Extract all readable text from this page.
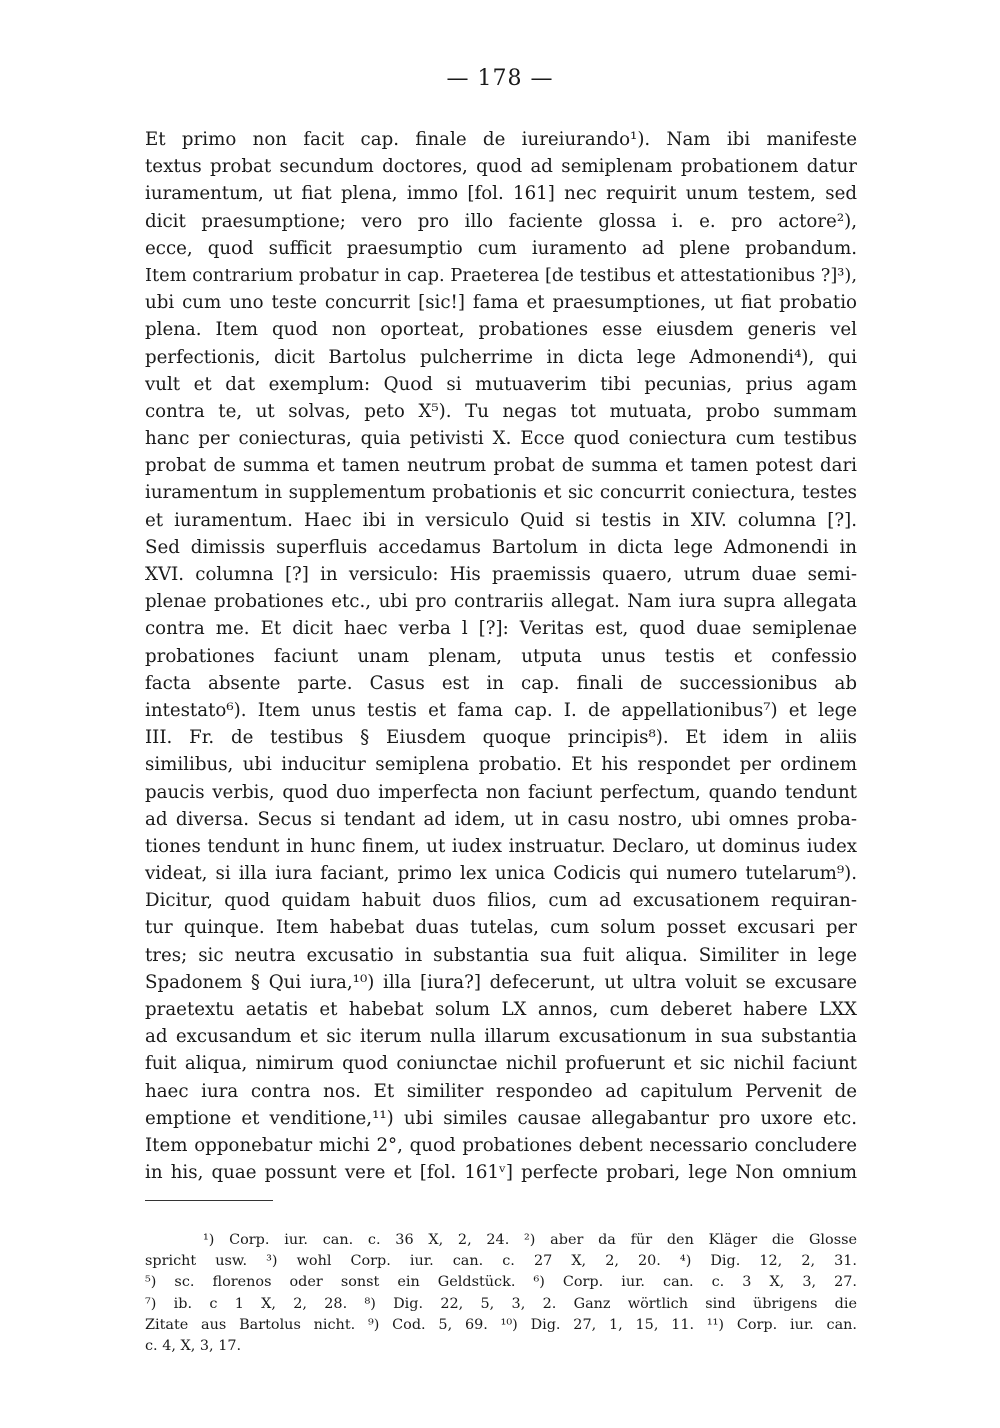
— 178 —
Et primo non facit cap. finale de iureiurando¹). Nam ibi manifeste
textus probat secundum doctores, quod ad semiplenam probationem datur
iuramentum, ut fiat plena, immo [fol. 161] nec requirit unum testem, sed
dicit praesumptione; vero pro illo faciente glossa i. e. pro actore²),
ecce, quod sufficit praesumptio cum iuramento ad plene probandum.
Item contrarium probatur in cap. Praeterea [de testibus et attestationibus ?]³),
ubi cum uno teste concurrit [sic!] fama et praesumptiones, ut fiat probatio
plena. Item quod non oporteat, probationes esse eiusdem generis vel
perfectionis, dicit Bartolus pulcherrime in dicta lege Admonendi⁴), qui
vult et dat exemplum: Quod si mutuaverim tibi pecunias, prius agam
contra te, ut solvas, peto X⁵). Tu negas tot mutuata, probo summam
hanc per coniecturas, quia petivisti X. Ecce quod coniectura cum testibus
probat de summa et tamen neutrum probat de summa et tamen potest dari
iuramentum in supplementum probationis et sic concurrit coniectura, testes
et iuramentum. Haec ibi in versiculo Quid si testis in XIV. columna [?].
Sed dimissis superfluis accedamus Bartolum in dicta lege Admonendi in
XVI. columna [?] in versiculo: His praemissis quaero, utrum duae semi-
plenae probationes etc., ubi pro contrariis allegat. Nam iura supra allegata
contra me. Et dicit haec verba l [?]: Veritas est, quod duae semiplenae
probationes faciunt unam plenam, utputa unus testis et confessio
facta absente parte. Casus est in cap. finali de successionibus ab
intestato⁶). Item unus testis et fama cap. I. de appellationibus⁷) et lege
III. Fr. de testibus § Eiusdem quoque principis⁸). Et idem in aliis
similibus, ubi inducitur semiplena probatio. Et his respondet per ordinem
paucis verbis, quod duo imperfecta non faciunt perfectum, quando tendunt
ad diversa. Secus si tendant ad idem, ut in casu nostro, ubi omnes proba-
tiones tendunt in hunc finem, ut iudex instruatur. Declaro, ut dominus iudex
videat, si illa iura faciant, primo lex unica Codicis qui numero tutelarum⁹).
Dicitur, quod quidam habuit duos filios, cum ad excusationem requiran-
tur quinque. Item habebat duas tutelas, cum solum posset excusari per
tres; sic neutra excusatio in substantia sua fuit aliqua. Similiter in lege
Spadonem § Qui iura,¹⁰) illa [iura?] defecerunt, ut ultra voluit se excusare
praetextu aetatis et habebat solum LX annos, cum deberet habere LXX
ad excusandum et sic iterum nulla illarum excusationum in sua substantia
fuit aliqua, nimirum quod coniunctae nichil profuerunt et sic nichil faciunt
haec iura contra nos. Et similiter respondeo ad capitulum Pervenit de
emptione et venditione,¹¹) ubi similes causae allegabantur pro uxore etc.
Item opponebatur michi 2°, quod probationes debent necessario concludere
in his, quae possunt vere et [fol. 161ᵛ] perfecte probari, lege Non omnium
¹) Corp. iur. can. c. 36 X, 2, 24. ²) aber da für den Kläger die Glosse
spricht usw. ³) wohl Corp. iur. can. c. 27 X, 2, 20. ⁴) Dig. 12, 2, 31.
⁵) sc. florenos oder sonst ein Geldstück. ⁶) Corp. iur. can. c. 3 X, 3, 27.
⁷) ib. c 1 X, 2, 28. ⁸) Dig. 22, 5, 3, 2. Ganz wörtlich sind übrigens die
Zitate aus Bartolus nicht. ⁹) Cod. 5, 69. ¹⁰) Dig. 27, 1, 15, 11. ¹¹) Corp. iur. can.
c. 4, X, 3, 17.
